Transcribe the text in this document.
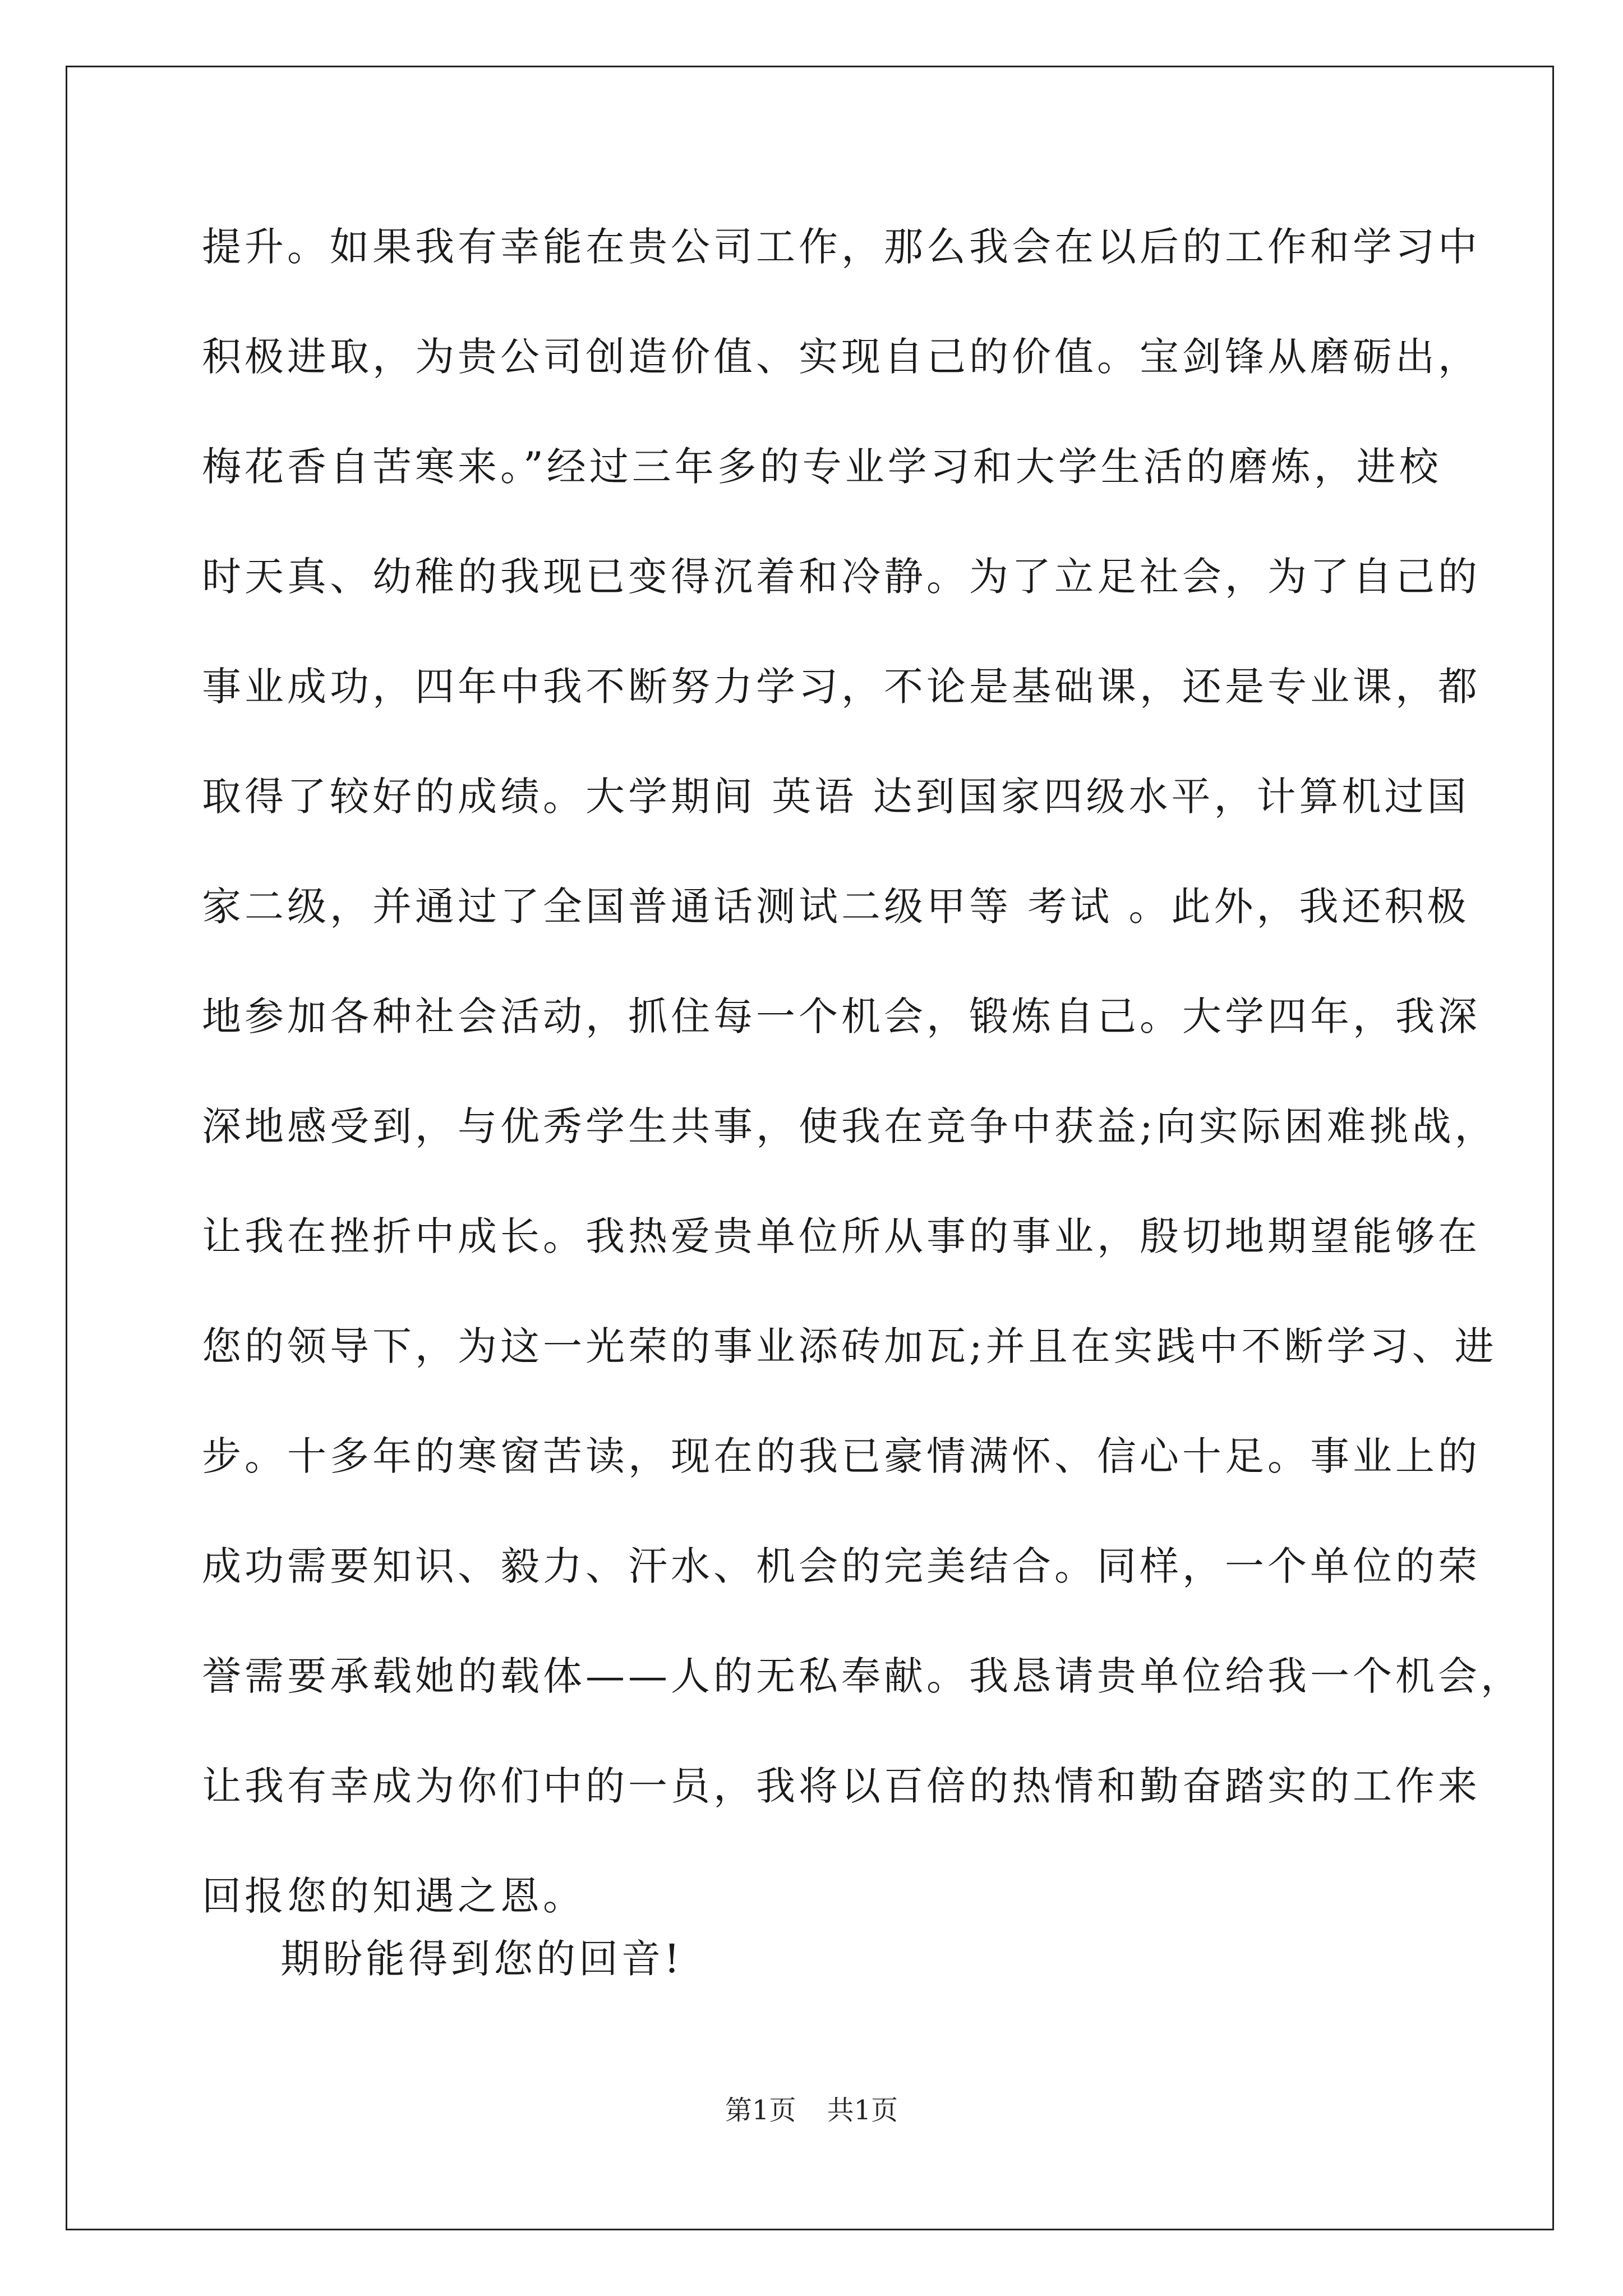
提升。如果我有幸能在贵公司工作，那么我会在以后的工作和学习中
积极进取，为贵公司创造价值、实现自己的价值。宝剑锋从磨砺出，
梅花香自苦寒来。”经过三年多的专业学习和大学生活的磨炼，进校
时天真、幼稚的我现已变得沉着和冷静。为了立足社会，为了自己的
事业成功，四年中我不断努力学习，不论是基础课，还是专业课，都
取得了较好的成绩。大学期间 英语 达到国家四级水平，计算机过国
家二级，并通过了全国普通话测试二级甲等 考试 。此外，我还积极
地参加各种社会活动，抓住每一个机会，锻炼自己。大学四年，我深
深地感受到，与优秀学生共事，使我在竞争中获益;向实际困难挑战，
让我在挫折中成长。我热爱贵单位所从事的事业，殷切地期望能够在
您的领导下，为这一光荣的事业添砖加瓦;并且在实践中不断学习、进
步。十多年的寒窗苦读，现在的我已豪情满怀、信心十足。事业上的
成功需要知识、毅力、汗水、机会的完美结合。同样，一个单位的荣
誉需要承载她的载体——人的无私奉献。我恳请贵单位给我一个机会，
让我有幸成为你们中的一员，我将以百倍的热情和勤奋踏实的工作来
回报您的知遇之恩。
期盼能得到您的回音!
第1页 共1页
